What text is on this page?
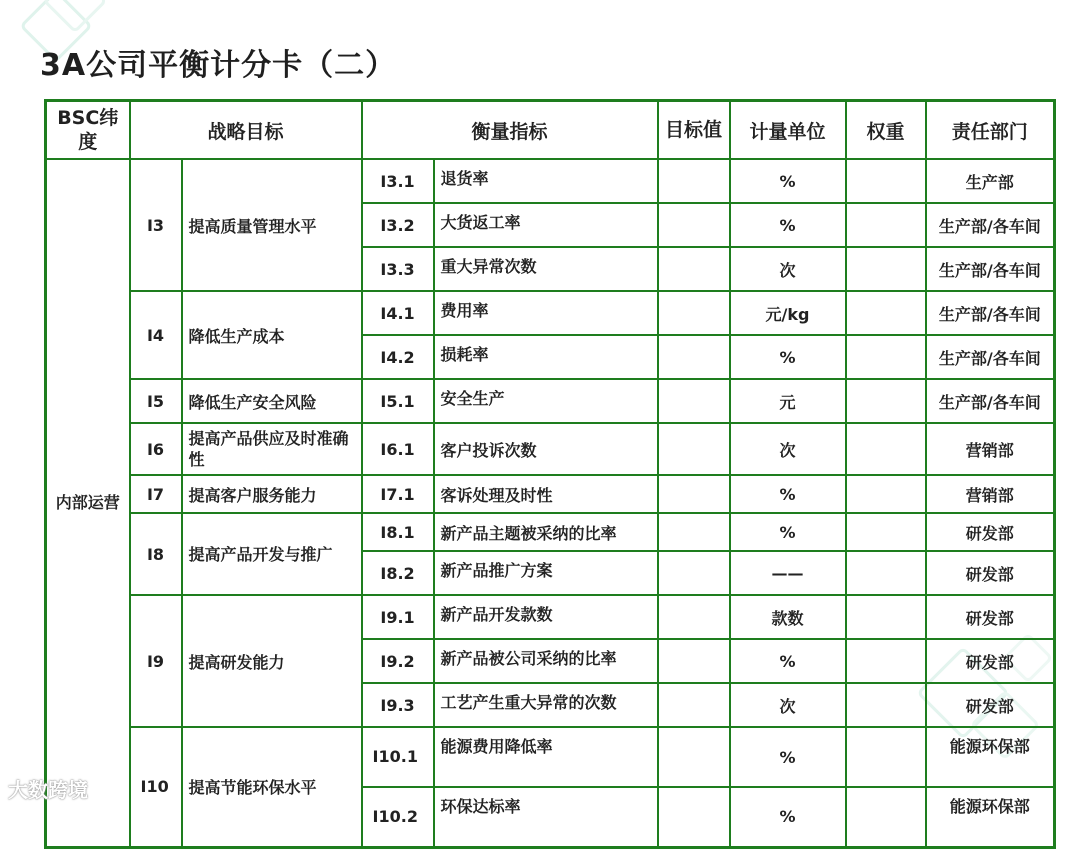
3A公司平衡计分卡（二）
BSC纬度	战略目标		衡量指标		目标值	计量单位	权重	责任部门
内部运营	I3	提高质量管理水平	I3.1	退货率		%		生产部
			I3.2	大货返工率		%		生产部/各车间
			I3.3	重大异常次数		次		生产部/各车间
	I4	降低生产成本	I4.1	费用率		元/kg		生产部/各车间
			I4.2	损耗率		%		生产部/各车间
	I5	降低生产安全风险	I5.1	安全生产		元		生产部/各车间
	I6	提高产品供应及时准确性	I6.1	客户投诉次数		次		营销部
	I7	提高客户服务能力	I7.1	客诉处理及时性		%		营销部
	I8	提高产品开发与推广	I8.1	新产品主题被采纳的比率		%		研发部
			I8.2	新产品推广方案		——		研发部
	I9	提高研发能力	I9.1	新产品开发款数		款数		研发部
			I9.2	新产品被公司采纳的比率		%		研发部
			I9.3	工艺产生重大异常的次数		次		研发部
	I10	提高节能环保水平	I10.1	能源费用降低率		%		能源环保部
			I10.2	环保达标率		%		能源环保部
大数跨境
